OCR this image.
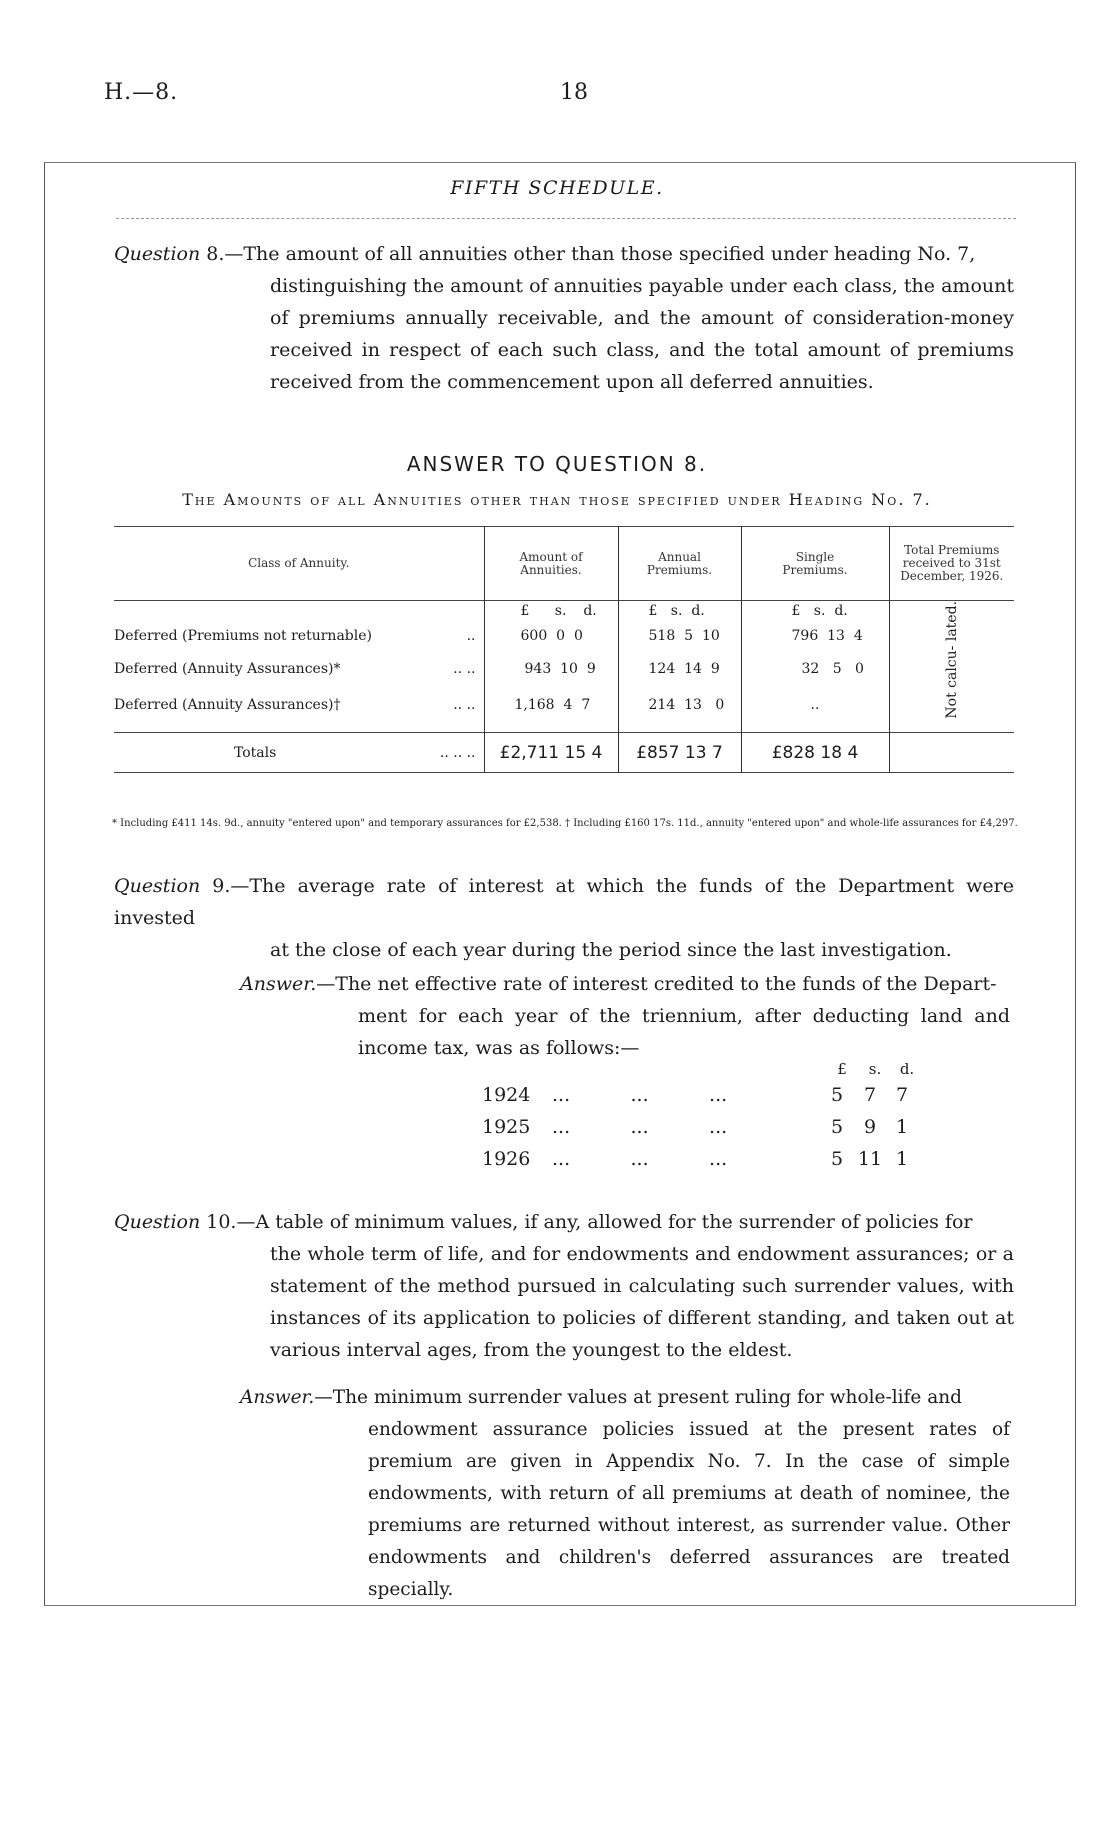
H.—8.	18
FIFTH SCHEDULE.
Question 8.—The amount of all annuities other than those specified under heading No. 7,
distinguishing the amount of annuities payable under each class, the amount of premiums annually receivable, and the amount of consideration-money received in respect of each such class, and the total amount of premiums received from the commencement upon all deferred annuities.
ANSWER TO QUESTION 8.
The Amounts of all Annuities other than those specified under Heading No. 7.
Class of Annuity.	Amount of Annuities.	Annual Premiums.	Single Premiums.	Total Premiums received to 31st December, 1926.
	£ s. d.	£ s. d.	£ s. d.	Not calcu- lated.
Deferred (Premiums not returnable) ..	600 0 0	518 5 10	796 13 4	
Deferred (Annuity Assurances)* .. ..	943 10 9	124 14 9	32 5 0	
Deferred (Annuity Assurances)† .. ..	1,168 4 7	214 13 0	..	

Totals .. .. ..	£2,711 15 4	£857 13 7	£828 18 4	
* Including £411 14s. 9d., annuity "entered upon" and temporary assurances for £2,538. † Including £160 17s. 11d., annuity "entered upon" and whole-life assurances for £4,297.
Question 9.—The average rate of interest at which the funds of the Department were invested
at the close of each year during the period since the last investigation.
Answer.—The net effective rate of interest credited to the funds of the Depart-
ment for each year of the triennium, after deducting land and income tax, was as follows:—
£ s. d.
1924 ...          ...          ...	5 7 7
1925 ...          ...          ...	5 9 1
1926 ...          ...          ...	5 11 1
Question 10.—A table of minimum values, if any, allowed for the surrender of policies for
the whole term of life, and for endowments and endowment assurances; or a statement of the method pursued in calculating such surrender values, with instances of its application to policies of different standing, and taken out at various interval ages, from the youngest to the eldest.
Answer.—The minimum surrender values at present ruling for whole-life and
endowment assurance policies issued at the present rates of premium are given in Appendix No. 7. In the case of simple endowments, with return of all premiums at death of nominee, the premiums are returned without interest, as surrender value. Other endowments and children's deferred assurances are treated specially.
